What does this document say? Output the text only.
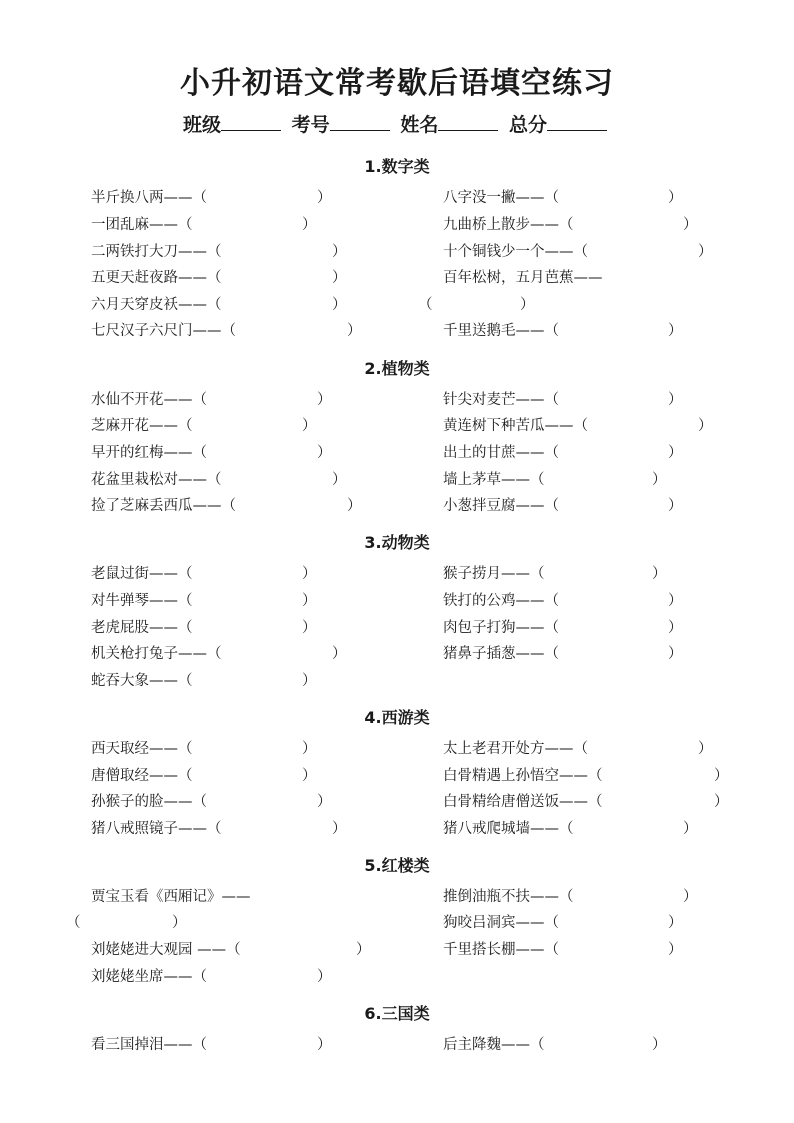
小升初语文常考歇后语填空练习
班级	考号	姓名	总分
1.数字类
半斤换八两——（	）
一团乱麻——（	）
二两铁打大刀——（	）
五更天赶夜路——（	）
六月天穿皮袄——（	）
七尺汉子六尺门——（	）
八字没一撇——（	）
九曲桥上散步——（	）
十个铜钱少一个——（	）
百年松树，五月芭蕉——
（	）
千里送鹅毛——（	）
2.植物类
水仙不开花——（	）
芝麻开花——（	）
早开的红梅——（	）
花盆里栽松对——（	）
捡了芝麻丢西瓜——（	）
针尖对麦芒——（	）
黄连树下种苦瓜——（	）
出土的甘蔗——（	）
墙上茅草——（	）
小葱拌豆腐——（	）
3.动物类
老鼠过街——（	）
对牛弹琴——（	）
老虎屁股——（	）
机关枪打兔子——（	）
蛇吞大象——（	）
猴子捞月——（	）
铁打的公鸡——（	）
肉包子打狗——（	）
猪鼻子插葱——（	）
4.西游类
西天取经——（	）
唐僧取经——（	）
孙猴子的脸——（	）
猪八戒照镜子——（	）
太上老君开处方——（	）
白骨精遇上孙悟空——（	）
白骨精给唐僧送饭——（	）
猪八戒爬城墙——（	）
5.红楼类
贾宝玉看《西厢记》——
（	）
刘姥姥进大观园 ——（	）
刘姥姥坐席——（	）
推倒油瓶不扶——（	）
狗咬吕洞宾——（	）
千里搭长棚——（	）
6.三国类
看三国掉泪——（	）	后主降魏——（	）
